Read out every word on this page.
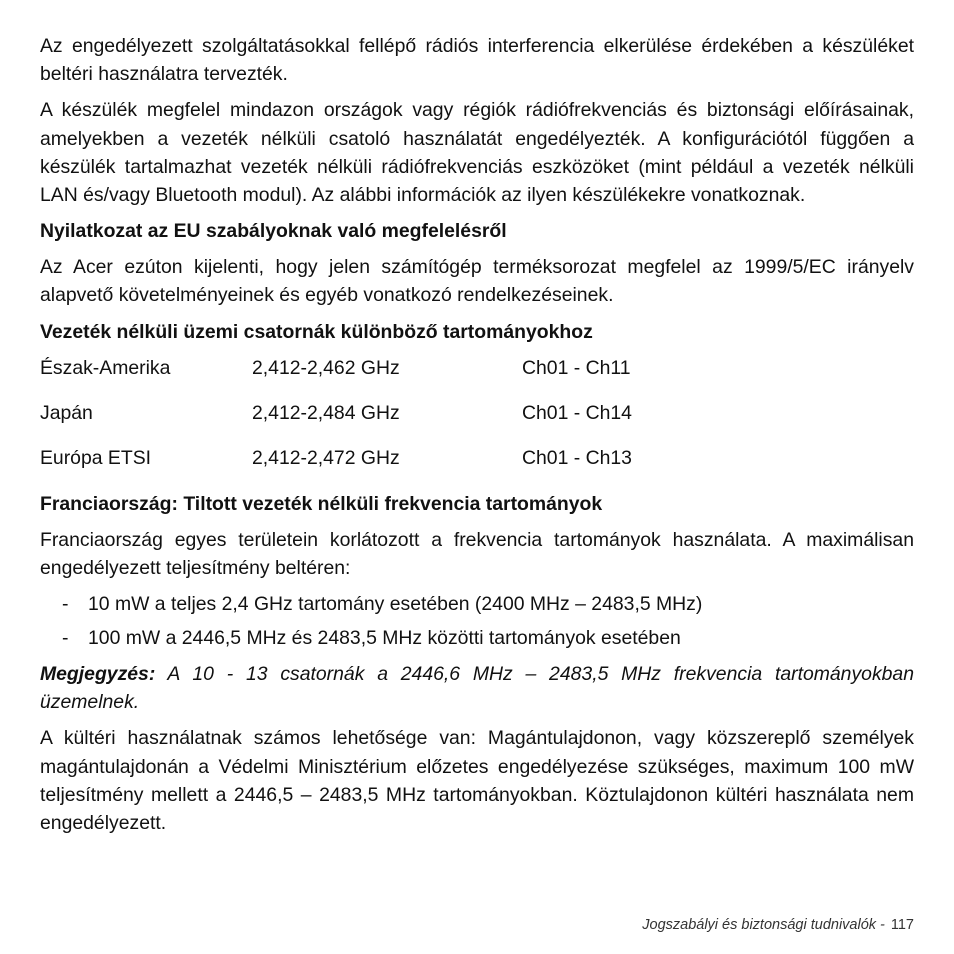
Az engedélyezett szolgáltatásokkal fellépő rádiós interferencia elkerülése érdekében a készüléket beltéri használatra tervezték.

A készülék megfelel mindazon országok vagy régiók rádiófrekvenciás és biztonsági előírásainak, amelyekben a vezeték nélküli csatoló használatát engedélyezték. A konfigurációtól függően a készülék tartalmazhat vezeték nélküli rádiófrekvenciás eszközöket (mint például a vezeték nélküli LAN és/vagy Bluetooth modul). Az alábbi információk az ilyen készülékekre vonatkoznak.

Nyilatkozat az EU szabályoknak való megfelelésről

Az Acer ezúton kijelenti, hogy jelen számítógép terméksorozat megfelel az 1999/5/EC irányelv alapvető követelményeinek és egyéb vonatkozó rendelkezéseinek.

Vezeték nélküli üzemi csatornák különböző tartományokhoz
Észak-Amerika	2,412-2,462 GHz	Ch01 - Ch11
Japán	2,412-2,484 GHz	Ch01 - Ch14
Európa ETSI	2,412-2,472 GHz	Ch01 - Ch13
Franciaország: Tiltott vezeték nélküli frekvencia tartományok

Franciaország egyes területein korlátozott a frekvencia tartományok használata. A maximálisan engedélyezett teljesítmény beltéren:

-	10 mW a teljes 2,4 GHz tartomány esetében (2400 MHz – 2483,5 MHz)
-	100 mW a 2446,5 MHz és 2483,5 MHz közötti tartományok esetében

Megjegyzés: A 10 - 13 csatornák a 2446,6 MHz – 2483,5 MHz frekvencia tartományokban üzemelnek.

A kültéri használatnak számos lehetősége van: Magántulajdonon, vagy közszereplő személyek magántulajdonán a Védelmi Minisztérium előzetes engedélyezése szükséges, maximum 100 mW teljesítmény mellett a 2446,5 – 2483,5 MHz tartományokban. Köztulajdonon kültéri használata nem engedélyezett.

Jogszabályi és biztonsági tudnivalók - 117
